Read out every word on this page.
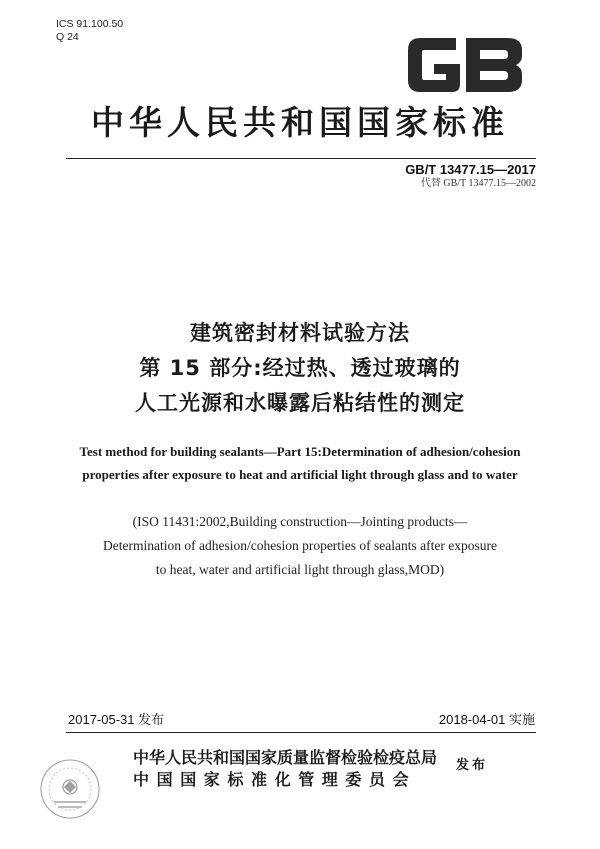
ICS 91.100.50
Q 24
中华人民共和国国家标准
GB/T 13477.15—2017
代替 GB/T 13477.15—2002
建筑密封材料试验方法
第 15 部分:经过热、透过玻璃的
人工光源和水曝露后粘结性的测定
Test method for building sealants—Part 15:Determination of adhesion/cohesion
properties after exposure to heat and artificial light through glass and to water
(ISO 11431:2002,Building construction—Jointing products—
Determination of adhesion/cohesion properties of sealants after exposure
to heat, water and artificial light through glass,MOD)
2017-05-31 发布	2018-04-01 实施
中华人民共和国国家质量监督检验检疫总局
中国国家标准化管理委员会
发布
